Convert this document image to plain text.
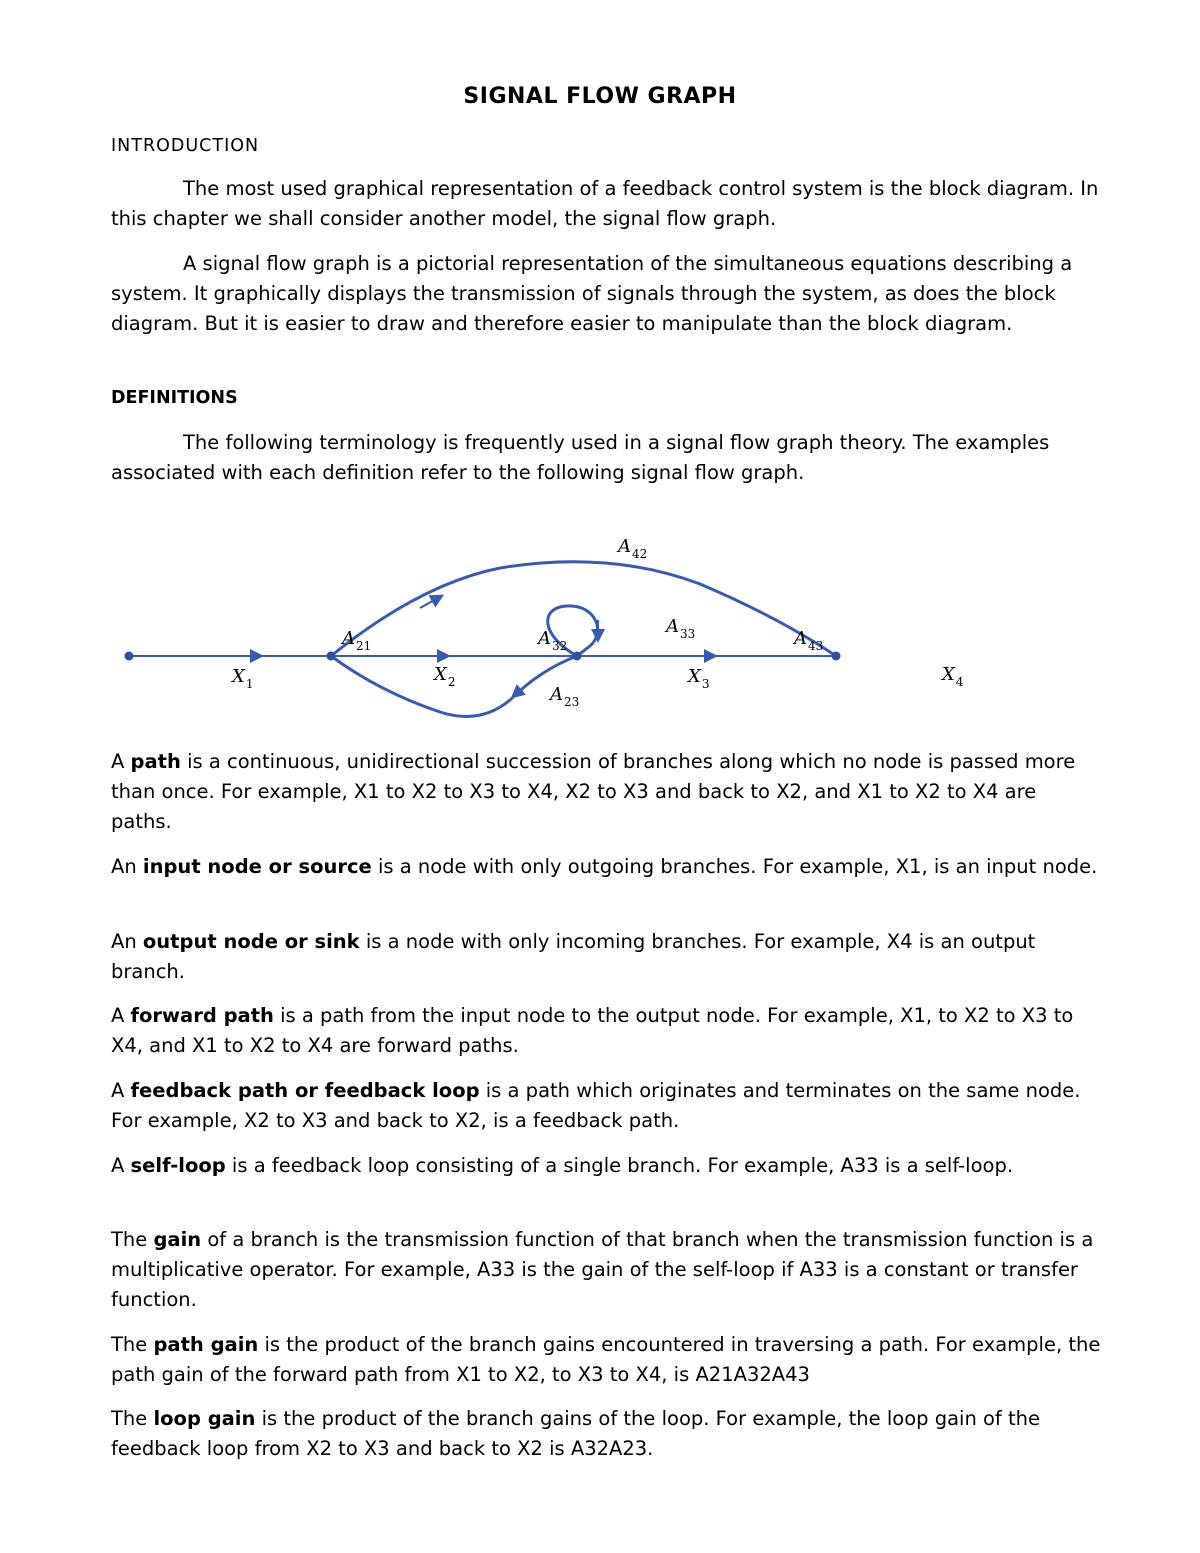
SIGNAL FLOW GRAPH
INTRODUCTION

The most used graphical representation of a feedback control system is the block diagram. In this chapter we shall consider another model, the signal flow graph.

A signal flow graph is a pictorial representation of the simultaneous equations describing a system. It graphically displays the transmission of signals through the system, as does the block diagram. But it is easier to draw and therefore easier to manipulate than the block diagram.

DEFINITIONS

The following terminology is frequently used in a signal flow graph theory. The examples associated with each definition refer to the following signal flow graph.

$X_1$	$X_2$	$X_3$	$X_4$
$A_{21}$	$A_{32}$	$A_{43}$
$A_{42}$
$A_{33}$
$A_{23}$

A path is a continuous, unidirectional succession of branches along which no node is passed more than once. For example, X1 to X2 to X3 to X4, X2 to X3 and back to X2, and X1 to X2 to X4 are paths.

An input node or source is a node with only outgoing branches. For example, X1, is an input node.

An output node or sink is a node with only incoming branches. For example, X4 is an output branch.

A forward path is a path from the input node to the output node. For example, X1, to X2 to X3 to X4, and X1 to X2 to X4 are forward paths.

A feedback path or feedback loop is a path which originates and terminates on the same node. For example, X2 to X3 and back to X2, is a feedback path.

A self-loop is a feedback loop consisting of a single branch. For example, A33 is a self-loop.

The gain of a branch is the transmission function of that branch when the transmission function is a multiplicative operator. For example, A33 is the gain of the self-loop if A33 is a constant or transfer function.

The path gain is the product of the branch gains encountered in traversing a path. For example, the path gain of the forward path from X1 to X2, to X3 to X4, is A21A32A43

The loop gain is the product of the branch gains of the loop. For example, the loop gain of the feedback loop from X2 to X3 and back to X2 is A32A23.
